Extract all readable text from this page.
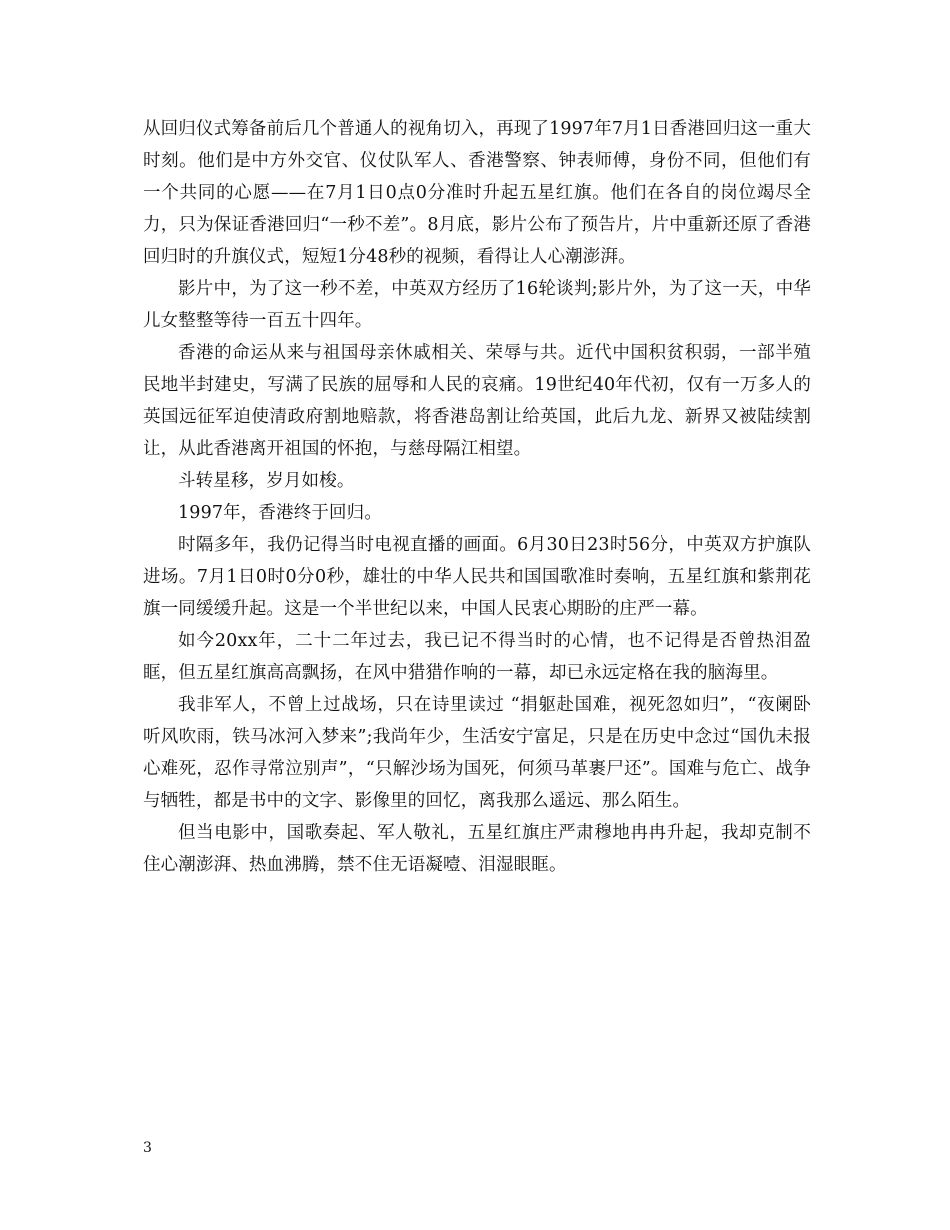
从回归仪式筹备前后几个普通人的视角切入，再现了1997年7月1日香港回归这一重大时刻。他们是中方外交官、仪仗队军人、香港警察、钟表师傅，身份不同，但他们有一个共同的心愿——在7月1日0点0分准时升起五星红旗。他们在各自的岗位竭尽全力，只为保证香港回归“一秒不差”。8月底，影片公布了预告片，片中重新还原了香港回归时的升旗仪式，短短1分48秒的视频，看得让人心潮澎湃。

影片中，为了这一秒不差，中英双方经历了16轮谈判;影片外，为了这一天，中华儿女整整等待一百五十四年。

香港的命运从来与祖国母亲休戚相关、荣辱与共。近代中国积贫积弱，一部半殖民地半封建史，写满了民族的屈辱和人民的哀痛。19世纪40年代初，仅有一万多人的英国远征军迫使清政府割地赔款，将香港岛割让给英国，此后九龙、新界又被陆续割让，从此香港离开祖国的怀抱，与慈母隔江相望。

斗转星移，岁月如梭。

1997年，香港终于回归。

时隔多年，我仍记得当时电视直播的画面。6月30日23时56分，中英双方护旗队进场。7月1日0时0分0秒，雄壮的中华人民共和国国歌准时奏响，五星红旗和紫荆花旗一同缓缓升起。这是一个半世纪以来，中国人民衷心期盼的庄严一幕。

如今20xx年，二十二年过去，我已记不得当时的心情，也不记得是否曾热泪盈眶，但五星红旗高高飘扬，在风中猎猎作响的一幕，却已永远定格在我的脑海里。

我非军人，不曾上过战场，只在诗里读过 “捐躯赴国难，视死忽如归”，“夜阑卧听风吹雨，铁马冰河入梦来”;我尚年少，生活安宁富足，只是在历史中念过“国仇未报心难死，忍作寻常泣别声”，“只解沙场为国死，何须马革裹尸还”。国难与危亡、战争与牺牲，都是书中的文字、影像里的回忆，离我那么遥远、那么陌生。

但当电影中，国歌奏起、军人敬礼，五星红旗庄严肃穆地冉冉升起，我却克制不住心潮澎湃、热血沸腾，禁不住无语凝噎、泪湿眼眶。

3
